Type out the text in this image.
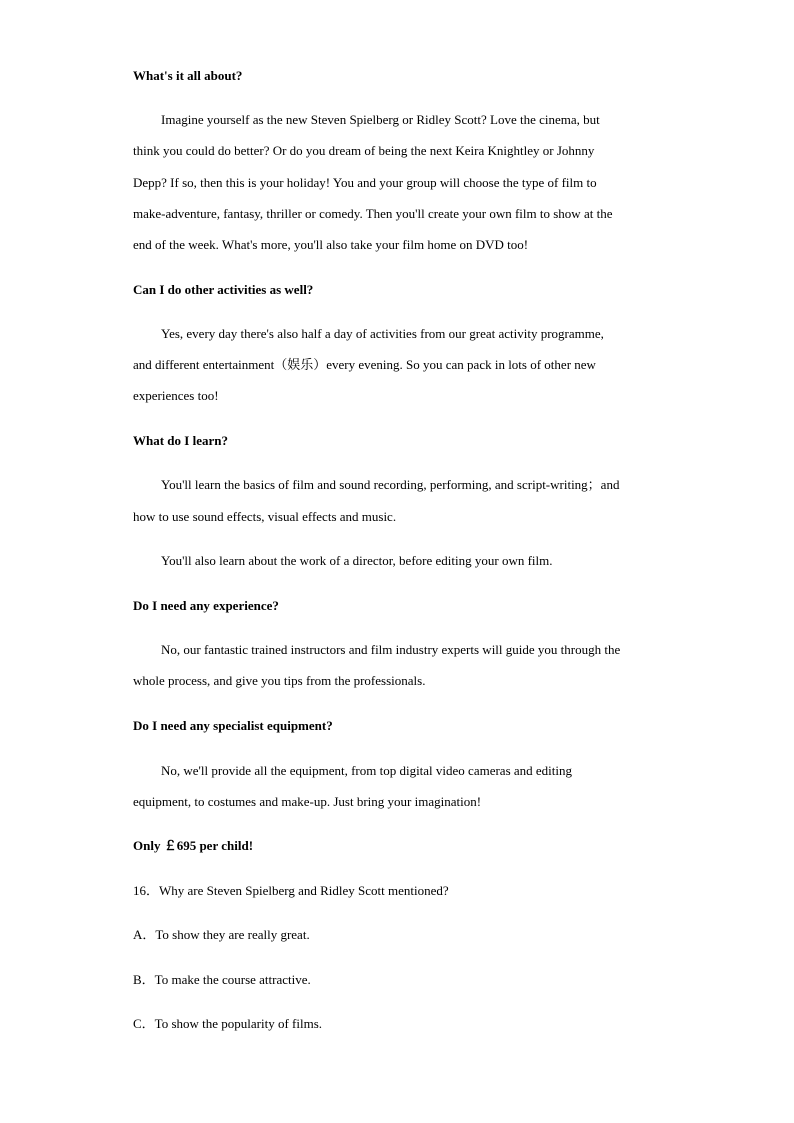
What's it all about?
Imagine yourself as the new Steven Spielberg or Ridley Scott? Love the cinema, but
think you could do better? Or do you dream of being the next Keira Knightley or Johnny
Depp? If so, then this is your holiday! You and your group will choose the type of film to
make-adventure, fantasy, thriller or comedy. Then you'll create your own film to show at the
end of the week. What's more, you'll also take your film home on DVD too!
Can I do other activities as well?
Yes, every day there's also half a day of activities from our great activity programme,
and different entertainment（娱乐）every evening. So you can pack in lots of other new
experiences too!
What do I learn?
You'll learn the basics of film and sound recording, performing, and script-writing；and
how to use sound effects, visual effects and music.
You'll also learn about the work of a director, before editing your own film.
Do I need any experience?
No, our fantastic trained instructors and film industry experts will guide you through the
whole process, and give you tips from the professionals.
Do I need any specialist equipment?
No, we'll provide all the equipment, from top digital video cameras and editing
equipment, to costumes and make-up. Just bring your imagination!
Only ￡695 per child!
16．Why are Steven Spielberg and Ridley Scott mentioned?
A．To show they are really great.
B．To make the course attractive.
C．To show the popularity of films.
